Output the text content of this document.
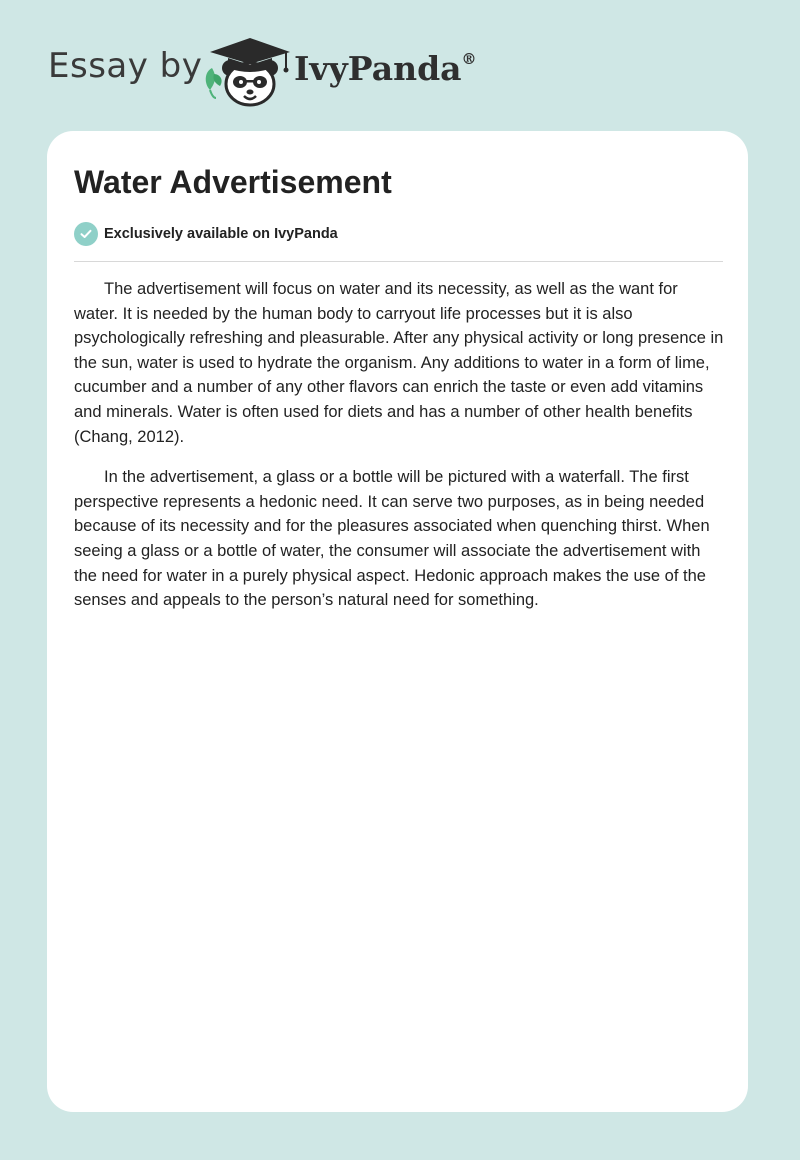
Essay by	IvyPanda®
Water Advertisement
Exclusively available on IvyPanda

The advertisement will focus on water and its necessity, as well as the want for water. It is needed by the human body to carryout life processes but it is also psychologically refreshing and pleasurable. After any physical activity or long presence in the sun, water is used to hydrate the organism. Any additions to water in a form of lime, cucumber and a number of any other flavors can enrich the taste or even add vitamins and minerals. Water is often used for diets and has a number of other health benefits (Chang, 2012).

In the advertisement, a glass or a bottle will be pictured with a waterfall. The first perspective represents a hedonic need. It can serve two purposes, as in being needed because of its necessity and for the pleasures associated when quenching thirst. When seeing a glass or a bottle of water, the consumer will associate the advertisement with the need for water in a purely physical aspect. Hedonic approach makes the use of the senses and appeals to the person’s natural need for something.
